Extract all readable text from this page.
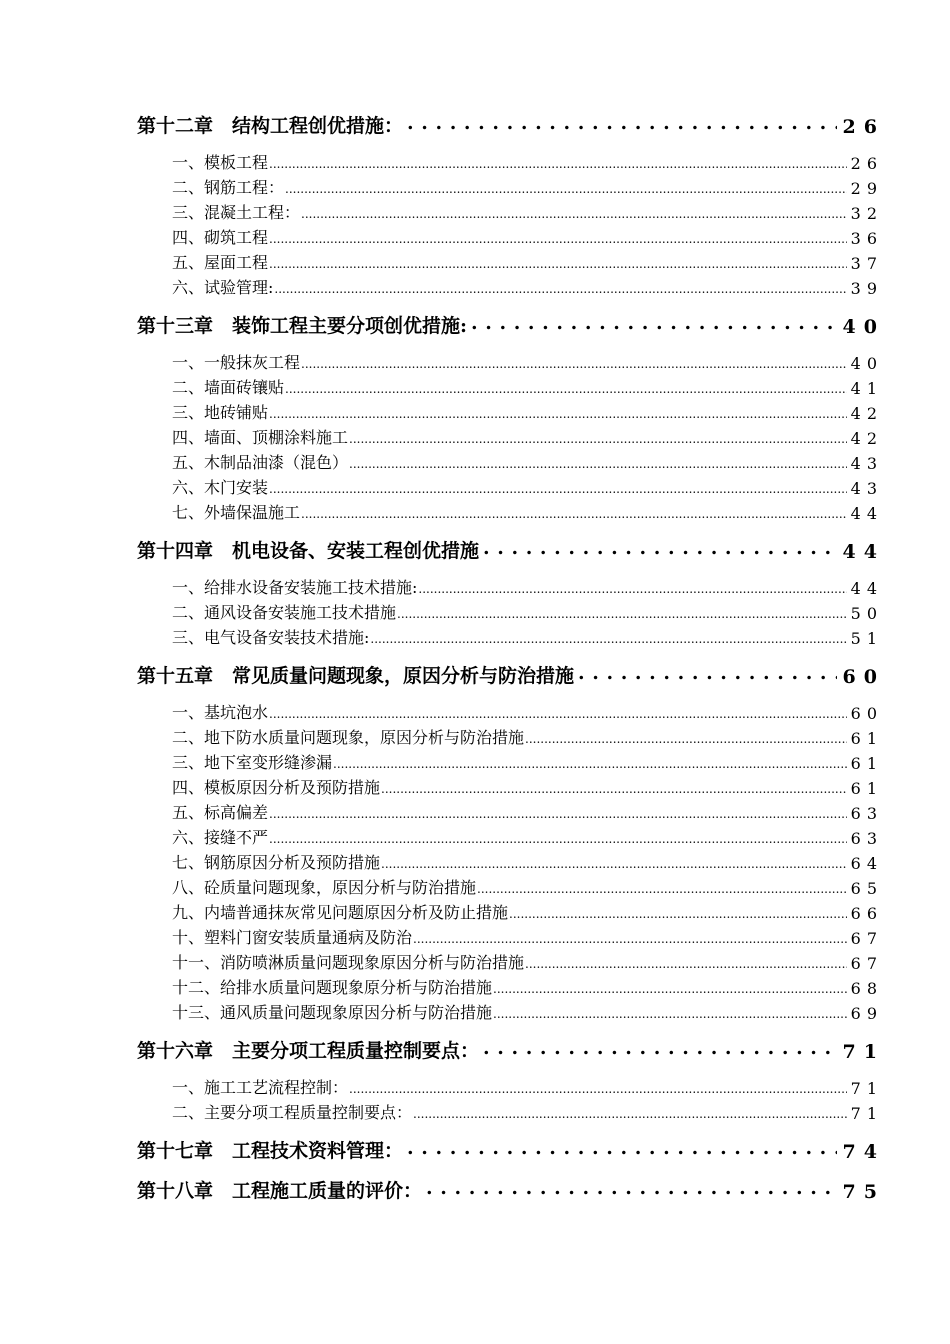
第十二章　结构工程创优措施： . . .	26
一、模板工程 .....	26
二、钢筋工程： .....	29
三、混凝土工程： .....	32
四、砌筑工程 .....	36
五、屋面工程 .....	37
六、试验管理: .....	39
第十三章　装饰工程主要分项创优措施: . . .	40
一、一般抹灰工程 .....	40
二、墙面砖镶贴 .....	41
三、地砖铺贴 .....	42
四、墙面、顶棚涂料施工 .....	42
五、木制品油漆（混色） .....	43
六、木门安装 .....	43
七、外墙保温施工 .....	44
第十四章　机电设备、安装工程创优措施 . . .	44
一、给排水设备安装施工技术措施: .....	44
二、通风设备安装施工技术措施 .....	50
三、电气设备安装技术措施: .....	51
第十五章　常见质量问题现象，原因分析与防治措施 . . .	60
一、基坑泡水 .....	60
二、地下防水质量问题现象，原因分析与防治措施 .....	61
三、地下室变形缝渗漏 .....	61
四、模板原因分析及预防措施 .....	61
五、标高偏差 .....	63
六、接缝不严 .....	63
七、钢筋原因分析及预防措施 .....	64
八、砼质量问题现象，原因分析与防治措施 .....	65
九、内墙普通抹灰常见问题原因分析及防止措施 .....	66
十、塑料门窗安装质量通病及防治 .....	67
十一、消防喷淋质量问题现象原因分析与防治措施 .....	67
十二、给排水质量问题现象原分析与防治措施 .....	68
十三、通风质量问题现象原因分析与防治措施 .....	69
第十六章　主要分项工程质量控制要点： . . .	71
一、施工工艺流程控制： .....	71
二、主要分项工程质量控制要点： .....	71
第十七章　工程技术资料管理： . . .	74
第十八章　工程施工质量的评价： . . .	75
